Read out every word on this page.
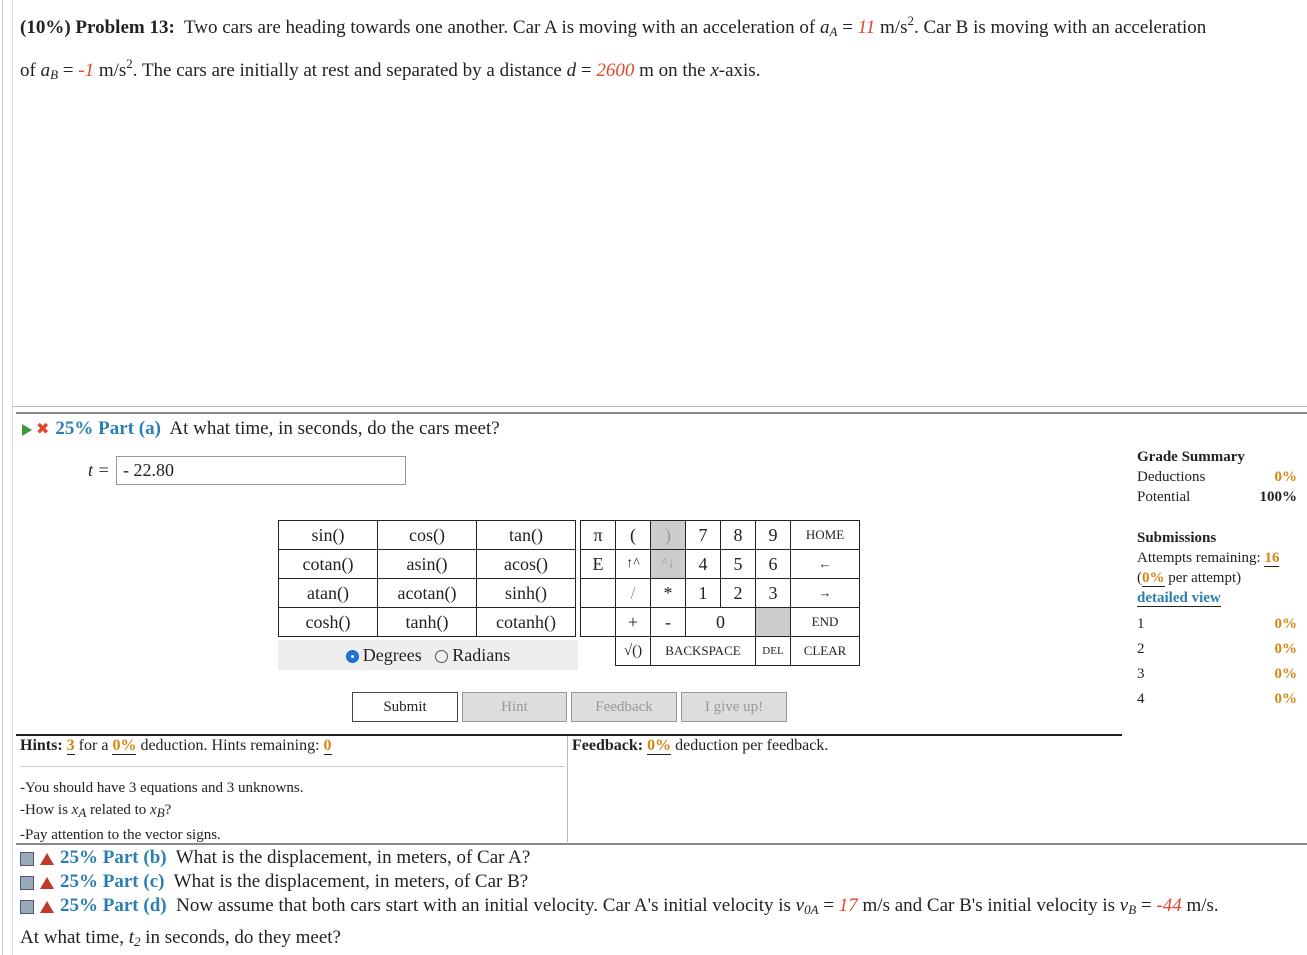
(10%) Problem 13: Two cars are heading towards one another. Car A is moving with an acceleration of $a_A = 11$ $m/s^2$. Car B is moving with an acceleration
of $a_B = -1$ $m/s^2$. The cars are initially at rest and separated by a distance d = 2600 m on the x-axis.
✖ 25% Part (a) At what time, in seconds, do the cars meet?
t = - 22.80
sin()	cos()	tan()
cotan()	asin()	acos()
atan()	acotan()	sinh()
cosh()	tanh()	cotanh()
Degrees Radians
π	(	)	7	8	9	HOME
E	↑^	^↓	4	5	6	←
	/	*	1	2	3	→
	+	-	0			END
	√()	BACKSPACE			DEL	CLEAR
Submit	Hint	Feedback	I give up!
Grade Summary
Deductions	0%
Potential	100%
Submissions
Attempts remaining: 16
(0% per attempt)
detailed view
1	0%
2	0%
3	0%
4	0%
Hints: 3 for a 0% deduction. Hints remaining: 0
-You should have 3 equations and 3 unknowns.
-How is xA related to xB?
-Pay attention to the vector signs.
Feedback: 0% deduction per feedback.
25% Part (b) What is the displacement, in meters, of Car A?
25% Part (c) What is the displacement, in meters, of Car B?
25% Part (d) Now assume that both cars start with an initial velocity. Car A's initial velocity is $v_{0A} = 17$ m/s and Car B's initial velocity is $v_B = -44$ m/s.
At what time, $t_2$ in seconds, do they meet?
